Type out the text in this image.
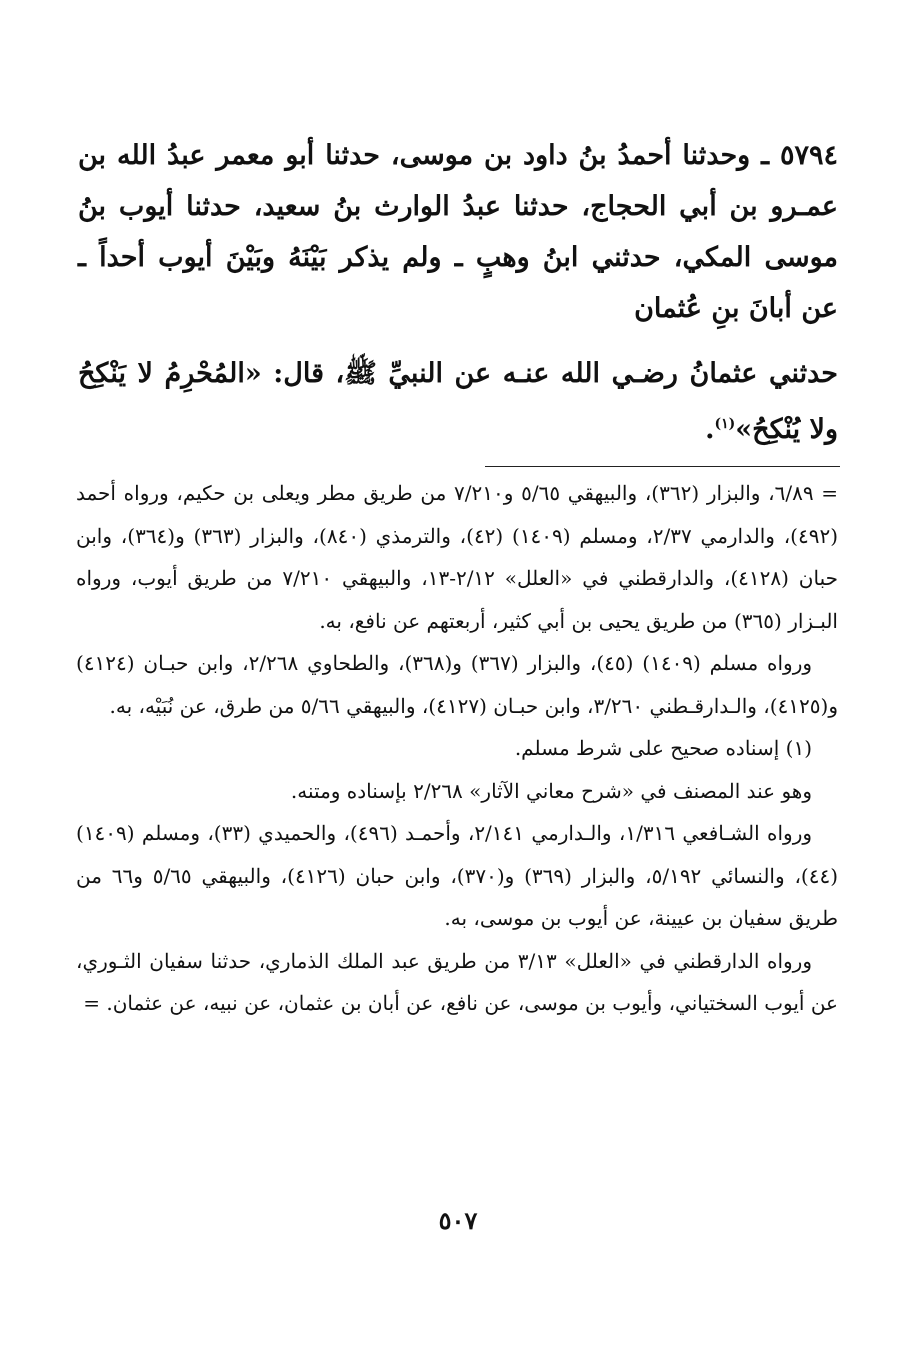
٥٧٩٤ ـ وحدثنا أحمدُ بنُ داود بن موسى، حدثنا أبو معمر عبدُ الله بن عمـرو بن أبي الحجاج، حدثنا عبدُ الوارث بنُ سعيد، حدثنا أيوب بنُ موسى المكي، حدثني ابنُ وهبٍ ـ ولم يذكر بَيْنَهُ وبَيْنَ أيوب أحداً ـ عن أبانَ بنِ عُثمان

حدثني عثمانُ رضـي الله عنـه عن النبيِّ ﷺ، قال: «المُحْرِمُ لا يَنْكِحُ ولا يُنْكِحُ»$^{(١)}$.

= ٦/٨٩، والبزار (٣٦٢)، والبيهقي ٥/٦٥ و٧/٢١٠ من طريق مطر ويعلى بن حكيم، ورواه أحمد (٤٩٢)، والدارمي ٢/٣٧، ومسلم (١٤٠٩) (٤٢)، والترمذي (٨٤٠)، والبزار (٣٦٣) و(٣٦٤)، وابن حبان (٤١٢٨)، والدارقطني في «العلل» ٢/١٢-١٣، والبيهقي ٧/٢١٠ من طريق أيوب، ورواه البـزار (٣٦٥) من طريق يحيى بن أبي كثير، أربعتهم عن نافع، به.

ورواه مسلم (١٤٠٩) (٤٥)، والبزار (٣٦٧) و(٣٦٨)، والطحاوي ٢/٢٦٨، وابن حبـان (٤١٢٤) و(٤١٢٥)، والـدارقـطني ٣/٢٦٠، وابن حبـان (٤١٢٧)، والبيهقي ٥/٦٦ من طرق، عن نُبَيْه، به.

(١) إسناده صحيح على شرط مسلم.

وهو عند المصنف في «شرح معاني الآثار» ٢/٢٦٨ بإسناده ومتنه.

ورواه الشـافعي ١/٣١٦، والـدارمي ٢/١٤١، وأحمـد (٤٩٦)، والحميدي (٣٣)، ومسلم (١٤٠٩) (٤٤)، والنسائي ٥/١٩٢، والبزار (٣٦٩) و(٣٧٠)، وابن حبان (٤١٢٦)، والبيهقي ٥/٦٥ و٦٦ من طريق سفيان بن عيينة، عن أيوب بن موسى، به.

ورواه الدارقطني في «العلل» ٣/١٣ من طريق عبد الملك الذماري، حدثنا سفيان الثـوري، عن أيوب السختياني، وأيوب بن موسى، عن نافع، عن أبان بن عثمان، عن نبيه، عن عثمان. =

٥٠٧
